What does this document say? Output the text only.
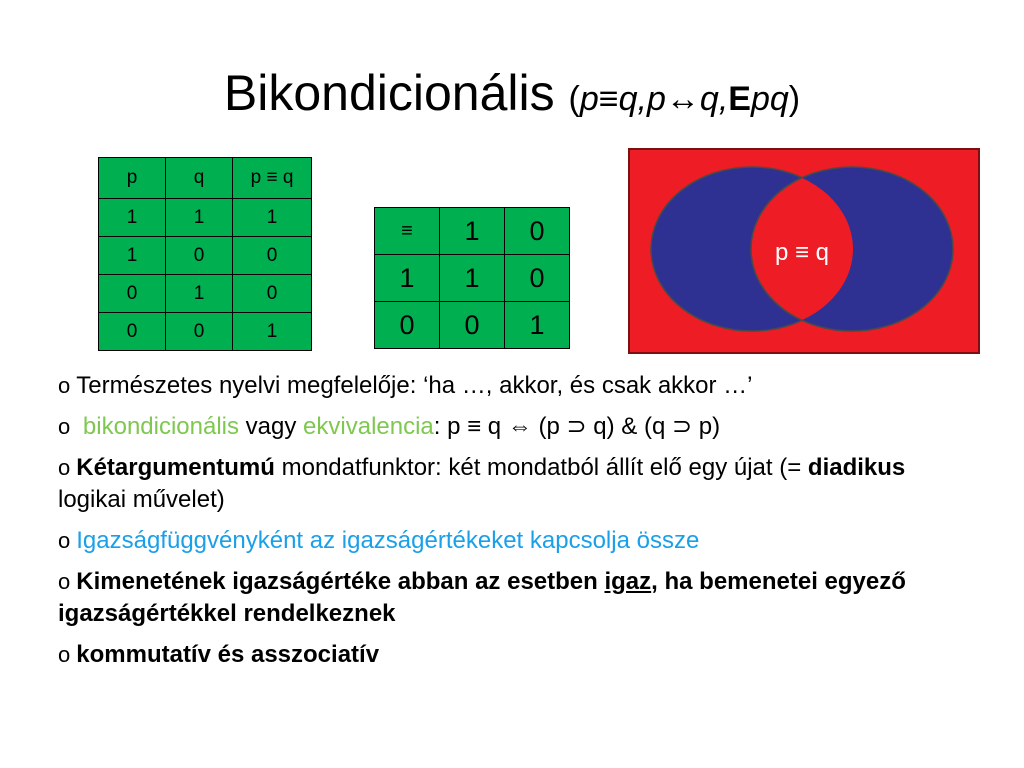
Bikondicionális (p≡q,p↔q,Epq)
p	q	p ≡ q
1	1	1
1	0	0
0	1	0
0	0	1
≡	1	0
1	1	0
0	0	1
p ≡ q

o Természetes nyelvi megfelelője: ‘ha …, akkor, és csak akkor …’

o bikondicionális vagy ekvivalencia: p ≡ q ⇔ (p ⊃ q) & (q ⊃ p)

o Kétargumentumú mondatfunktor: két mondatból állít elő egy újat (= diadikus logikai művelet)

o Igazságfüggvényként az igazságértékeket kapcsolja össze

o Kimenetének igazságértéke abban az esetben igaz, ha bemenetei egyező igazságértékkel rendelkeznek

o kommutatív és asszociatív
